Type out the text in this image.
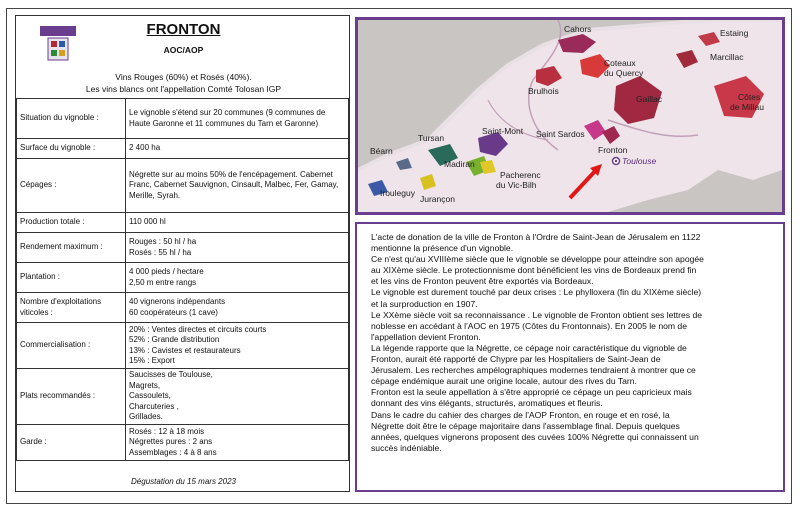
FRONTON
AOC/AOP
Vins Rouges (60%) et Rosés (40%).
Les vins blancs ont l'appellation Comté Tolosan IGP
Situation du vignoble :	Le vignoble s'étend sur 20 communes (9 communes de Haute Garonne et 11 communes du Tarn et Garonne)
Surface du vignoble :	2 400 ha
Cépages :	Négrette sur au moins 50% de l'encépagement. Cabernet Franc, Cabernet Sauvignon, Cinsault, Malbec, Fer, Gamay, Merille, Syrah.
Production totale :	110 000 hl
Rendement maximum :	Rouges : 50 hl / ha
Rosés : 55 hl / ha
Plantation :	4 000 pieds / hectare
2,50 m entre rangs
Nombre d'exploitations viticoles :	40 vignerons indépendants
60 coopérateurs (1 cave)
Commercialisation :	20% : Ventes directes et circuits courts
52% : Grande distribution
13% : Cavistes et restaurateurs
15% : Export
Plats recommandés :	Saucisses de Toulouse,
Magrets,
Cassoulets,
Charcuteries ,
Grillades.
Garde :	Rosés : 12 à 18 mois
Négrettes pures : 2 ans
Assemblages : 4 à 8 ans
Dégustation du 15 mars 2023
Cahors	Estaing
Coteaux
du Quercy
Marcillac
Brulhois
Gaillac	Côtes
de Millau
Saint-Mont Saint Sardos
Tursan
Béarn	Fronton
Toulouse
Madiran
Pacherenc
du Vic-Bilh
Irouleguy
Jurançon

L'acte de donation de la ville de Fronton à l'Ordre de Saint-Jean de Jérusalem en 1122

mentionne la présence d'un vignoble.

Ce n'est qu'au XVIIIème siècle que le vignoble se développe pour atteindre son apogée

au XIXème siècle. Le protectionnisme dont bénéficient les vins de Bordeaux prend fin

et les vins de Fronton peuvent être exportés via Bordeaux.

Le vignoble est durement touché par deux crises : Le phylloxera (fin du XIXème siècle)

et la surproduction en 1907.

Le XXème siècle voit sa reconnaissance . Le vignoble de Fronton obtient ses lettres de

noblesse en accédant à l'AOC en 1975 (Côtes du Frontonnais). En 2005 le nom de

l'appellation devient Fronton.

La légende rapporte que la Négrette, ce cépage noir caractéristique du vignoble de

Fronton, aurait été rapporté de Chypre par les Hospitaliers de Saint-Jean de

Jérusalem. Les recherches ampélographiques modernes tendraient à montrer que ce

cépage endémique aurait une origine locale, autour des rives du Tarn.

Fronton est la seule appellation à s'être approprié ce cépage un peu capricieux mais

donnant des vins élégants, structurés, aromatiques et fleuris.

Dans le cadre du cahier des charges de l'AOP Fronton, en rouge et en rosé, la

Négrette doit être le cépage majoritaire dans l'assemblage final. Depuis quelques

années, quelques vignerons proposent des cuvées 100% Négrette qui connaissent un

succès indéniable.
